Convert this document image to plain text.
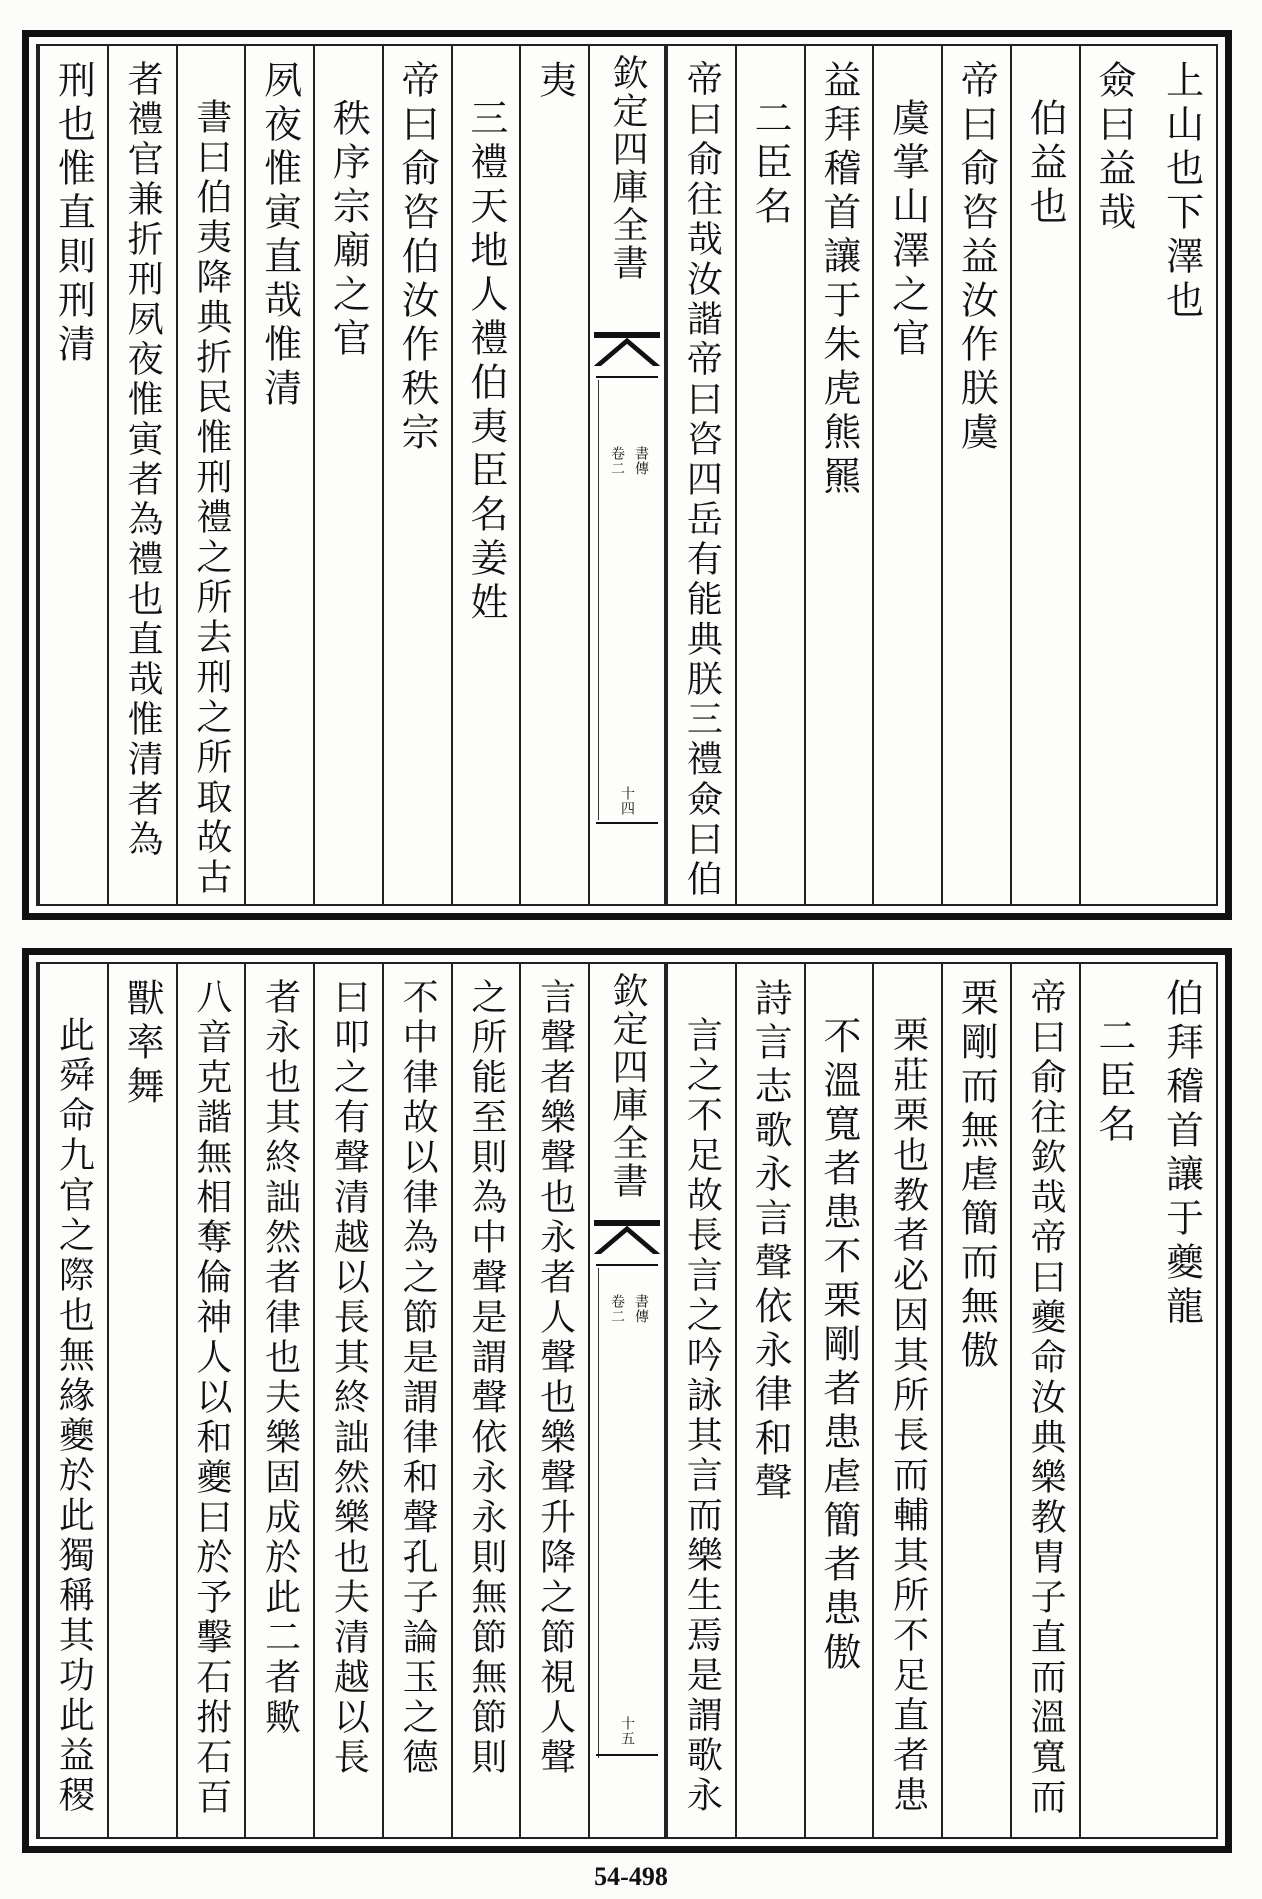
上山也下澤也
僉曰益哉
伯益也
帝曰俞咨益汝作朕虞
虞掌山澤之官
益拜稽首讓于朱虎熊羆
二臣名
帝曰俞往哉汝諧帝曰咨四岳有能典朕三禮僉曰伯
欽定四庫全書
書傳
卷二
十四
夷
三禮天地人禮伯夷臣名姜姓
帝曰俞咨伯汝作秩宗
秩序宗廟之官
夙夜惟寅直哉惟清
書曰伯夷降典折民惟刑禮之所去刑之所取故古
者禮官兼折刑夙夜惟寅者為禮也直哉惟清者為
刑也惟直則刑清
伯拜稽首讓于夔龍
二臣名
帝曰俞往欽哉帝曰夔命汝典樂教胄子直而溫寬而
栗剛而無虐簡而無傲
栗莊栗也教者必因其所長而輔其所不足直者患
不溫寬者患不栗剛者患虐簡者患傲
詩言志歌永言聲依永律和聲
言之不足故長言之吟詠其言而樂生焉是謂歌永
欽定四庫全書
書傳
卷二
十五
言聲者樂聲也永者人聲也樂聲升降之節視人聲
之所能至則為中聲是謂聲依永永則無節無節則
不中律故以律為之節是謂律和聲孔子論玉之德
曰叩之有聲清越以長其終詘然樂也夫清越以長
者永也其終詘然者律也夫樂固成於此二者歟
八音克諧無相奪倫神人以和夔曰於予擊石拊石百
獸率舞
此舜命九官之際也無緣夔於此獨稱其功此益稷
54-498
